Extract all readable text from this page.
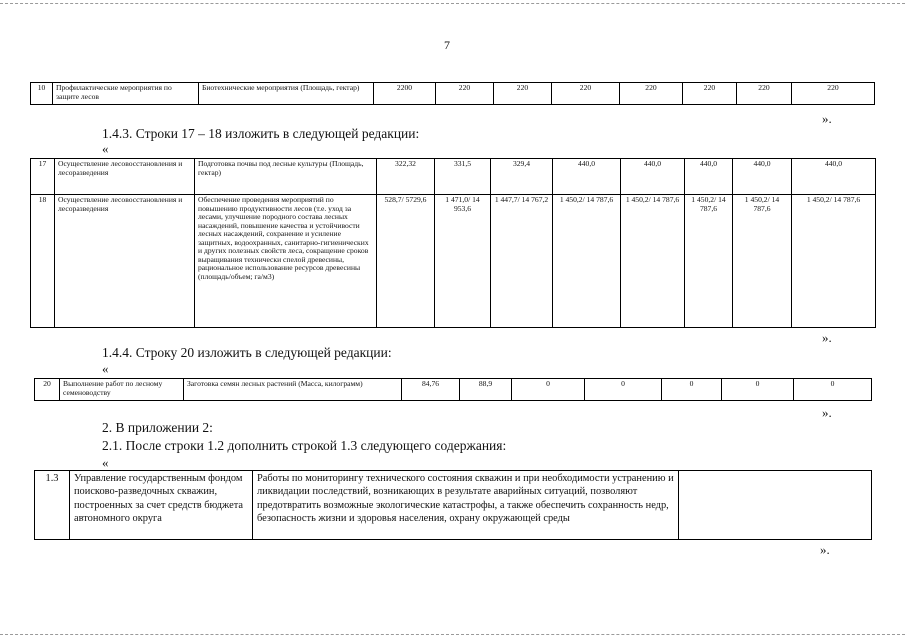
7
10	Профилактические мероприятия по защите лесов	Биотехнические мероприятия (Площадь, гектар)	2200	220	220	220	220	220	220	220
».
1.4.3. Строки 17 – 18 изложить в следующей редакции:
«
17	Осуществление лесовосстановления и лесоразведения	Подготовка почвы под лесные культуры (Площадь, гектар)	322,32	331,5	329,4	440,0	440,0	440,0	440,0	440,0
18	Осуществление лесовосстановления и лесоразведения	Обеспечение проведения мероприятий по повышению продуктивности лесов (т.е. уход за лесами, улучшение породного состава лесных насаждений, повышение качества и устойчивости лесных насаждений, сохранение и усиление защитных, водоохранных, санитарно-гигиенических и других полезных свойств леса, сокращение сроков выращивания технически спелой древесины, рациональное использование ресурсов древесины (площадь/объем; га/м3)	528,7/ 5729,6	1 471,0/ 14 953,6	1 447,7/ 14 767,2	1 450,2/ 14 787,6	1 450,2/ 14 787,6	1 450,2/ 14 787,6	1 450,2/ 14 787,6	1 450,2/ 14 787,6
».
1.4.4. Строку 20 изложить в следующей редакции:
«
20	Выполнение работ по лесному семеноводству	Заготовка семян лесных растений (Масса, килограмм)	84,76	88,9	0	0	0	0	0
».
2. В приложении 2:
2.1. После строки 1.2 дополнить строкой 1.3 следующего содержания:
«
1.3	Управление государственным фондом поисково-разведочных скважин, построенных за счет средств бюджета автономного округа	Работы по мониторингу технического состояния скважин и при необходимости устранению и ликвидации последствий, возникающих в результате аварийных ситуаций, позволяют предотвратить возможные экологические катастрофы, а также обеспечить сохранность недр, безопасность жизни и здоровья населения, охрану окружающей среды	
».
